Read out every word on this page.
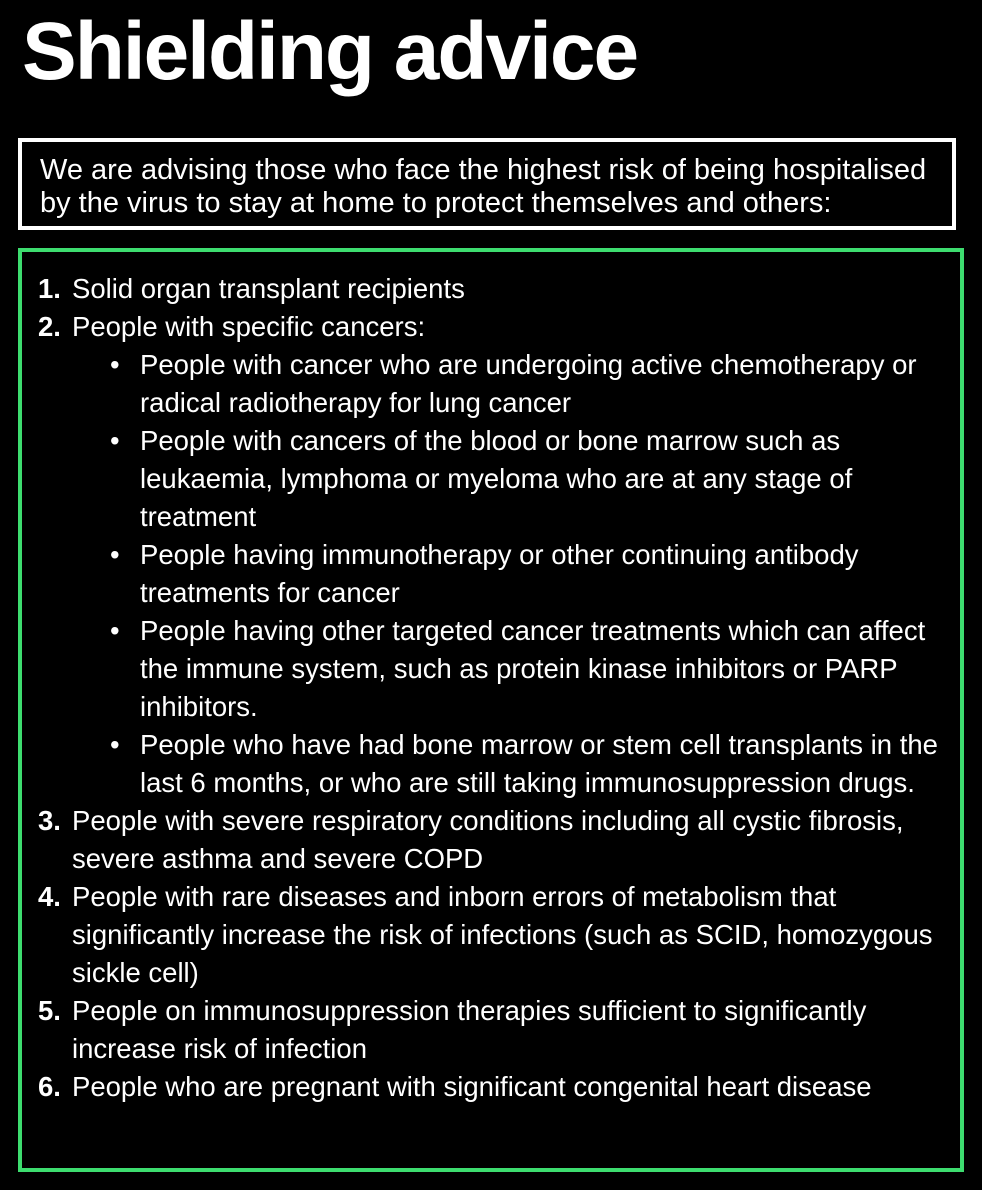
Shielding advice
We are advising those who face the highest risk of being hospitalised by the virus to stay at home to protect themselves and others:
1. Solid organ transplant recipients
2. People with specific cancers:
• People with cancer who are undergoing active chemotherapy or radical radiotherapy for lung cancer
• People with cancers of the blood or bone marrow such as leukaemia, lymphoma or myeloma who are at any stage of treatment
• People having immunotherapy or other continuing antibody treatments for cancer
• People having other targeted cancer treatments which can affect the immune system, such as protein kinase inhibitors or PARP inhibitors.
• People who have had bone marrow or stem cell transplants in the last 6 months, or who are still taking immunosuppression drugs.
3. People with severe respiratory conditions including all cystic fibrosis, severe asthma and severe COPD
4. People with rare diseases and inborn errors of metabolism that significantly increase the risk of infections (such as SCID, homozygous sickle cell)
5. People on immunosuppression therapies sufficient to significantly increase risk of infection
6. People who are pregnant with significant congenital heart disease
